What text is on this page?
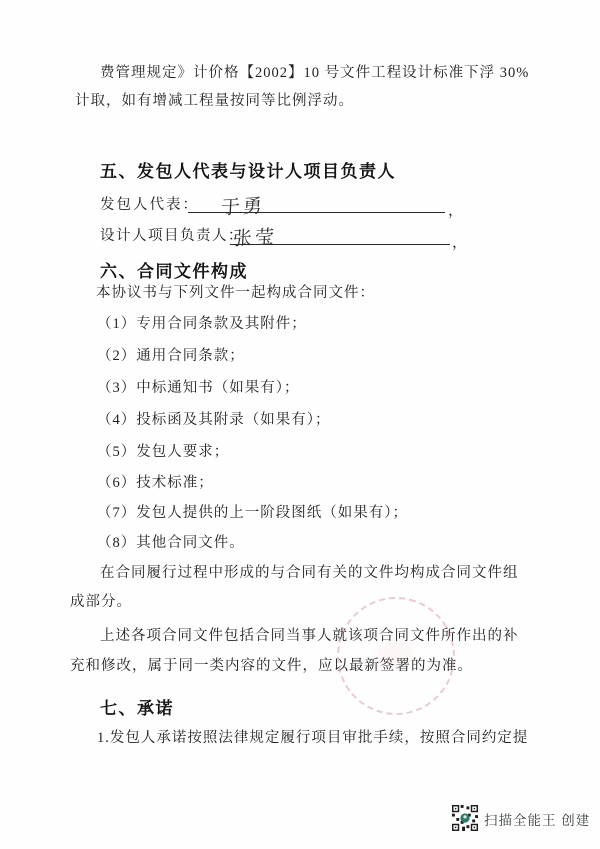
费管理规定》计价格【2002】10 号文件工程设计标准下浮 30%
计取，如有增减工程量按同等比例浮动。
五、发包人代表与设计人项目负责人
发包人代表： 于勇	，
设计人项目负责人：
张莹	，
六、合同文件构成
本协议书与下列文件一起构成合同文件：
（1）专用合同条款及其附件；
（2）通用合同条款；
（3）中标通知书（如果有）；
（4）投标函及其附录（如果有）；
（5）发包人要求；
（6）技术标准；
（7）发包人提供的上一阶段图纸（如果有）；
（8）其他合同文件。
在合同履行过程中形成的与合同有关的文件均构成合同文件组
成部分。
上述各项合同文件包括合同当事人就该项合同文件所作出的补
充和修改，属于同一类内容的文件，应以最新签署的为准。
七、承诺
1.发包人承诺按照法律规定履行项目审批手续，按照合同约定提
扫描全能王 创建
